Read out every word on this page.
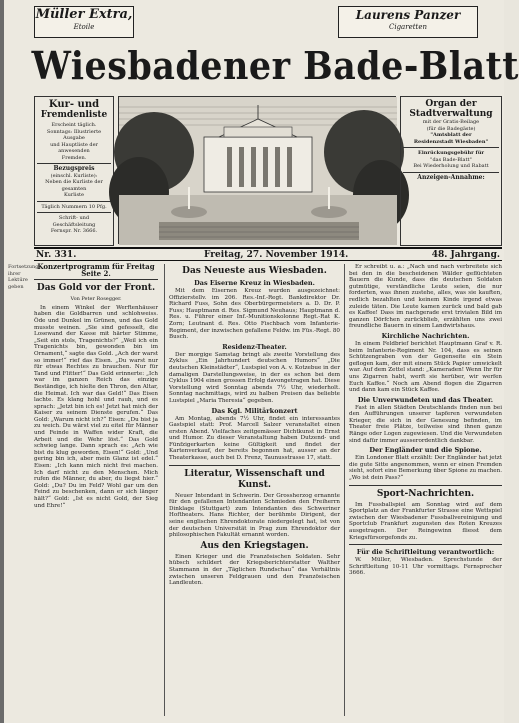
Müller Extra,
Etoile
Laurens Panzer
Cigaretten
Wiesbadener Bade-Blatt
Kur- und
Fremdenliste
Erscheint täglich.
Sonntags: Illustrierte Ausgabe
und Hauptliste der anwesenden
Fremden.
Bezugspreis
(einschl. Kurliste):
Neben die Kurliste der gesamten
Kurliste
Täglich Nummern 10 Pfg.
Schrift- und Geschäftsleitung
Fernspr. Nr. 3666.
Organ der
Stadtverwaltung
mit der Gratis-Beilage
(für die Badegäste)
"Amtsblatt der
Residenzstadt Wiesbaden"
Einrückungsgebühr für
"das Bade-Blatt"
Bei Wiederholung und Rabatt
Anzeigen-Annahme:
Nr. 331.	Freitag, 27. November 1914.	48. Jahrgang.
Fortsetzung ihrer Lektüre geben
Konzertprogramm für Freitag Seite 2.
Das Gold vor der Front.
Von Peter Rosegger.

In einem Winkel der Werftenhäuser haben die Goldbarren und schlohweiss. Öde und Dunkel im Grünen, und das Gold musste weinen. „Sie sind gefesselt, die Losewand der Kasse mit härter Stimme, „Seit ein stols, Tragenichts?“ „Weil ich ein Tragenichts bin, gewonden bin im Ornament,“ sagte das Gold. „Ach der warst so immer!“ rief das Eisen. „Du warst nur für etwas Rechtes zu brauchen. Nur für Tand und Flitter!“ Das Gold erinnerte: „Ich war im ganzen Reich das einzige Beständige, ich hielte den Thron, den Altar, die Heimat. Ich war das Geld!“ Das Eisen lachte. Es klang hohl und rauh, und es sprach: „Jetzt bin ich es! Jetzt hat mich der Kaiser zu seinem Dienste gerufen.“ Das Gold: „Warum nicht ich?“ Eisen: „Du bist ja zu weich. Du wärst viel zu eitel für Männer und Feinde in Waffen wider Kraft, die Arbeit und die Wehr löst.“ Das Gold schwieg lange. Dann sprach es: „Ach wie bist du klug geworden, Eisen!“ Gold: „Und gering bin ich, aber mein Glanz ist edel.“ Eisen: „Ich kann mich nicht frei machen. Ich darf nicht zu den Menschen. Mich rufen die Männer, du aber, du liegst hier.“ Gold: „Du? Du im Feld? Wohl gar um den Feind zu beschenken, dann er sich länger hält?“ Gold: „Ist es nicht Gold, der Sieg und Ehre!“

Das Neueste aus Wiesbaden.
Das Eiserne Kreuz in Wiesbaden.

Mit dem Eisernen Kreuz wurden ausgezeichnet: Offizierstellv. im 206. Res.-Inf.-Regt. Bankdirektor Dr. Richard Fuss, Sohn des Oberbürgermeisters a. D. Dr. P. Fuss; Hauptmann d. Res. Sigmund Neuhaus; Hauptmann d. Res. u. Führer einer Inf.-Munitionskolonne Regt.-Rat K. Zorn; Leutnant d. Res. Otto Fischbach vom Infanterie-Regiment, der inzwischen gefallene Feldw. im Füs.-Regt. 80 Busch.

Residenz-Theater.

Der morgige Samstag bringt als zweite Vorstellung des Zyklus „Ein Jahrhundert deutschen Humors“ „Die deutschen Kleinstädter“, Lustspiel von A. v. Kotzebue in der damaligen Darstellungsweise, in der es schon bei dem Cyklus 1904 einen grossen Erfolg davongetragen hat. Diese Vorstellung wird Sonntag abends 7½ Uhr, wiederholt. Sonntag nachmittags, wird zu halben Preisen das beliebte Lustspiel „Maria Theresia“ gegeben.

Das Kgl. Militärkonzert

Am Montag, abends 7½ Uhr, findet ein interessantes Gastspiel statt: Prof. Marcell Salzer veranstaltet einen ersten Abend. Vielfaches zeitgemässer Dichtkunst in Ernst und Humor. Zu dieser Veranstaltung haben Dutzend- und Fünfzigerkarten keine Gültigkeit und findet der Kartenverkauf, der bereits begonnen hat, ausser an der Theaterkasse, auch bei D. Frenz, Taunusstrasse 17, statt.

Literatur, Wissenschaft und Kunst.

Neuer Intendant in Schwerin. Der Grossherzog ernannte für den gefallenen Intendanten Schmieden den Freiherrn Dinklage (Stuttgart) zum Intendanten des Schweriner Hoftheaters. Hans Richter, der berühmte Dirigent, der seine englischen Ehrendoktorate niedergelegt hat, ist von der deutschen Universität in Prag zum Ehrendoktor der philosophischen Fakultät ernannt worden.

Aus den Kriegstagen.

Einen Krieger und die Französischen Soldaten. Sehr hübsch schildert der Kriegsberichterstatter Walther Stammann in der „Täglichen Rundschau“ das Verhältnis zwischen unseren Feldgrauen und den Französischen Landleuten.

Er schreibt u. a.: „Nach und nach verbreitete sich bei den in die bescheidenen Wälder geflüchteten Bauern die Kunde, dass die deutschen Soldaten gutmütige, verständliche Leute seien, die nur forderten, was ihnen zustehe, alles, was sie kauften, redlich bezahlten und keinem Kinde irgend etwas zuleide täten. Die Leute kamen zurück und bald gab es Kaffee! Dass im nachgerade erst trivialen Bild im ganzen Dörfchen zurückblieb, erzählten uns zwei freundliche Bauern in einem Landwirtshaus.

Kirchliche Nachrichten.

In einem Feldbrief berichtet Hauptmann Graf v. R. beim Infanterie-Regiment Nr. 104, dass es seinen Schützengraben von der Gegenseite ein Stein geflogen kam, der mit einem Stück Papier umwickelt war. Auf dem Zettel stand: „Kameraden! Wenn Ihr für uns Zigarren habt, werft sie herüber, wir werfen Euch Kaffee.“ Noch am Abend flogen die Zigarren und dann kam ein Stück Kaffee.

Die Unverwundeten und das Theater.

Fast in allen Städten Deutschlands finden nun bei den Aufführungen unserer tapferen verwundeten Krieger, die sich in der Genesung befinden, im Theater freie Plätze, teilweise sind ihnen ganze Ränge oder Logen zugewiesen. Und die Verwundeten sind dafür immer ausserordentlich dankbar.

Der Engländer und die Spione.

Ein Londoner Blatt erzählt: Der Engländer hat jetzt die gute Sitte angenommen, wenn er einen Fremden sieht, sofort eine Bemerkung über Spione zu machen. „Wo ist dein Pass?“

Sport-Nachrichten.

Im Fussballspiel am Sonntag wird auf dem Sportplatz an der Frankfurter Strasse eine Wettspiel zwischen der Wiesbadener Fussballvereinigung und Sportclub Frankfurt zugunsten des Roten Kreuzes ausgetragen. Der Reingewinn fliesst dem Kriegsfürsorgefonds zu.

Für die Schriftleitung verantwortlich:

W. Müller, Wiesbaden. Sprechstunde der Schriftleitung 10-11 Uhr vormittags. Fernsprecher 3666.
